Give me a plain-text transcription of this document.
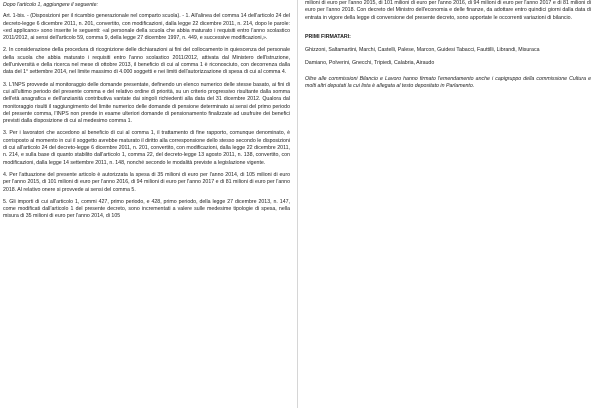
Dopo l'articolo 1, aggiungere il seguente:

Art. 1-bis. - (Disposizioni per il ricambio generazionale nel comparto scuola). - 1. All'alinea del comma 14 dell'articolo 24 del decreto-legge 6 dicembre 2011, n. 201, convertito, con modificazioni, dalla legge 22 dicembre 2011, n. 214, dopo le parole: «ed applicano» sono inserite le seguenti: «al personale della scuola che abbia maturato i requisiti entro l'anno scolastico 2011/2012, ai sensi dell'articolo 59, comma 9, della legge 27 dicembre 1997, n. 449, e successive modificazioni,».

2. In considerazione della procedura di ricognizione delle dichiarazioni ai fini del collocamento in quiescenza del personale della scuola che abbia maturato i requisiti entro l'anno scolastico 2011/2012, attivata dal Ministero dell'istruzione, dell'università e della ricerca nel mese di ottobre 2013, il beneficio di cui al comma 1 è riconosciuto, con decorrenza dalla data del 1° settembre 2014, nel limite massimo di 4.000 soggetti e nei limiti dell'autorizzazione di spesa di cui al comma 4.

3. L'INPS provvede al monitoraggio delle domande presentate, definendo un elenco numerico delle stesse basato, ai fini di cui all'ultimo periodo del presente comma e del relativo ordine di priorità, su un criterio progressivo risultante dalla somma dell'età anagrafica e dell'anzianità contributiva vantate dai singoli richiedenti alla data del 31 dicembre 2012. Qualora dal monitoraggio risulti il raggiungimento del limite numerico delle domande di pensione determinato ai sensi del primo periodo del presente comma, l'INPS non prende in esame ulteriori domande di pensionamento finalizzate ad usufruire dei benefici previsti dalla disposizione di cui al medesimo comma 1.

3. Per i lavoratori che accedono al beneficio di cui al comma 1, il trattamento di fine rapporto, comunque denominato, è corrisposto al momento in cui il soggetto avrebbe maturato il diritto alla corresponsione dello stesso secondo le disposizioni di cui all'articolo 24 del decreto-legge 6 dicembre 2011, n. 201, convertito, con modificazioni, dalla legge 22 dicembre 2011, n. 214, e sulla base di quanto stabilito dall'articolo 1, comma 22, del decreto-legge 13 agosto 2011, n. 138, convertito, con modificazioni, dalla legge 14 settembre 2011, n. 148, nonché secondo le modalità previste a legislazione vigente.

4. Per l'attuazione del presente articolo è autorizzata la spesa di 35 milioni di euro per l'anno 2014, di 105 milioni di euro per l'anno 2015, di 101 milioni di euro per l'anno 2016, di 94 milioni di euro per l'anno 2017 e di 81 milioni di euro per l'anno 2018. Al relativo onere si provvede ai sensi del comma 5.

5. Gli importi di cui all'articolo 1, commi 427, primo periodo, e 428, primo periodo, della legge 27 dicembre 2013, n. 147, come modificati dall'articolo 1 del presente decreto, sono incrementati a valere sulle medesime tipologie di spesa, nella misura di 35 milioni di euro per l'anno 2014, di 105

milioni di euro per l'anno 2015, di 101 milioni di euro per l'anno 2016, di 94 milioni di euro per l'anno 2017 e di 81 milioni di euro per l'anno 2018. Con decreto del Ministro dell'economia e delle finanze, da adottare entro quindici giorni dalla data di entrata in vigore della legge di conversione del presente decreto, sono apportate le occorrenti variazioni di bilancio.

PRIMI FIRMATARI:

Ghizzoni, Saltamartini, Marchi, Castelli, Palese, Marcon, Guidesi Tabacci, Fauttilli, Librandi, Misuraca

Damiano, Polverini, Gnecchi, Tripiedi, Calabria, Airaudo

Oltre alle commissioni Bilancio e Lavoro hanno firmato l'emendamento anche i capigruppo della commissione Cultura e molti altri deputati la cui lista è allegata al testo depositato in Parlamento.
